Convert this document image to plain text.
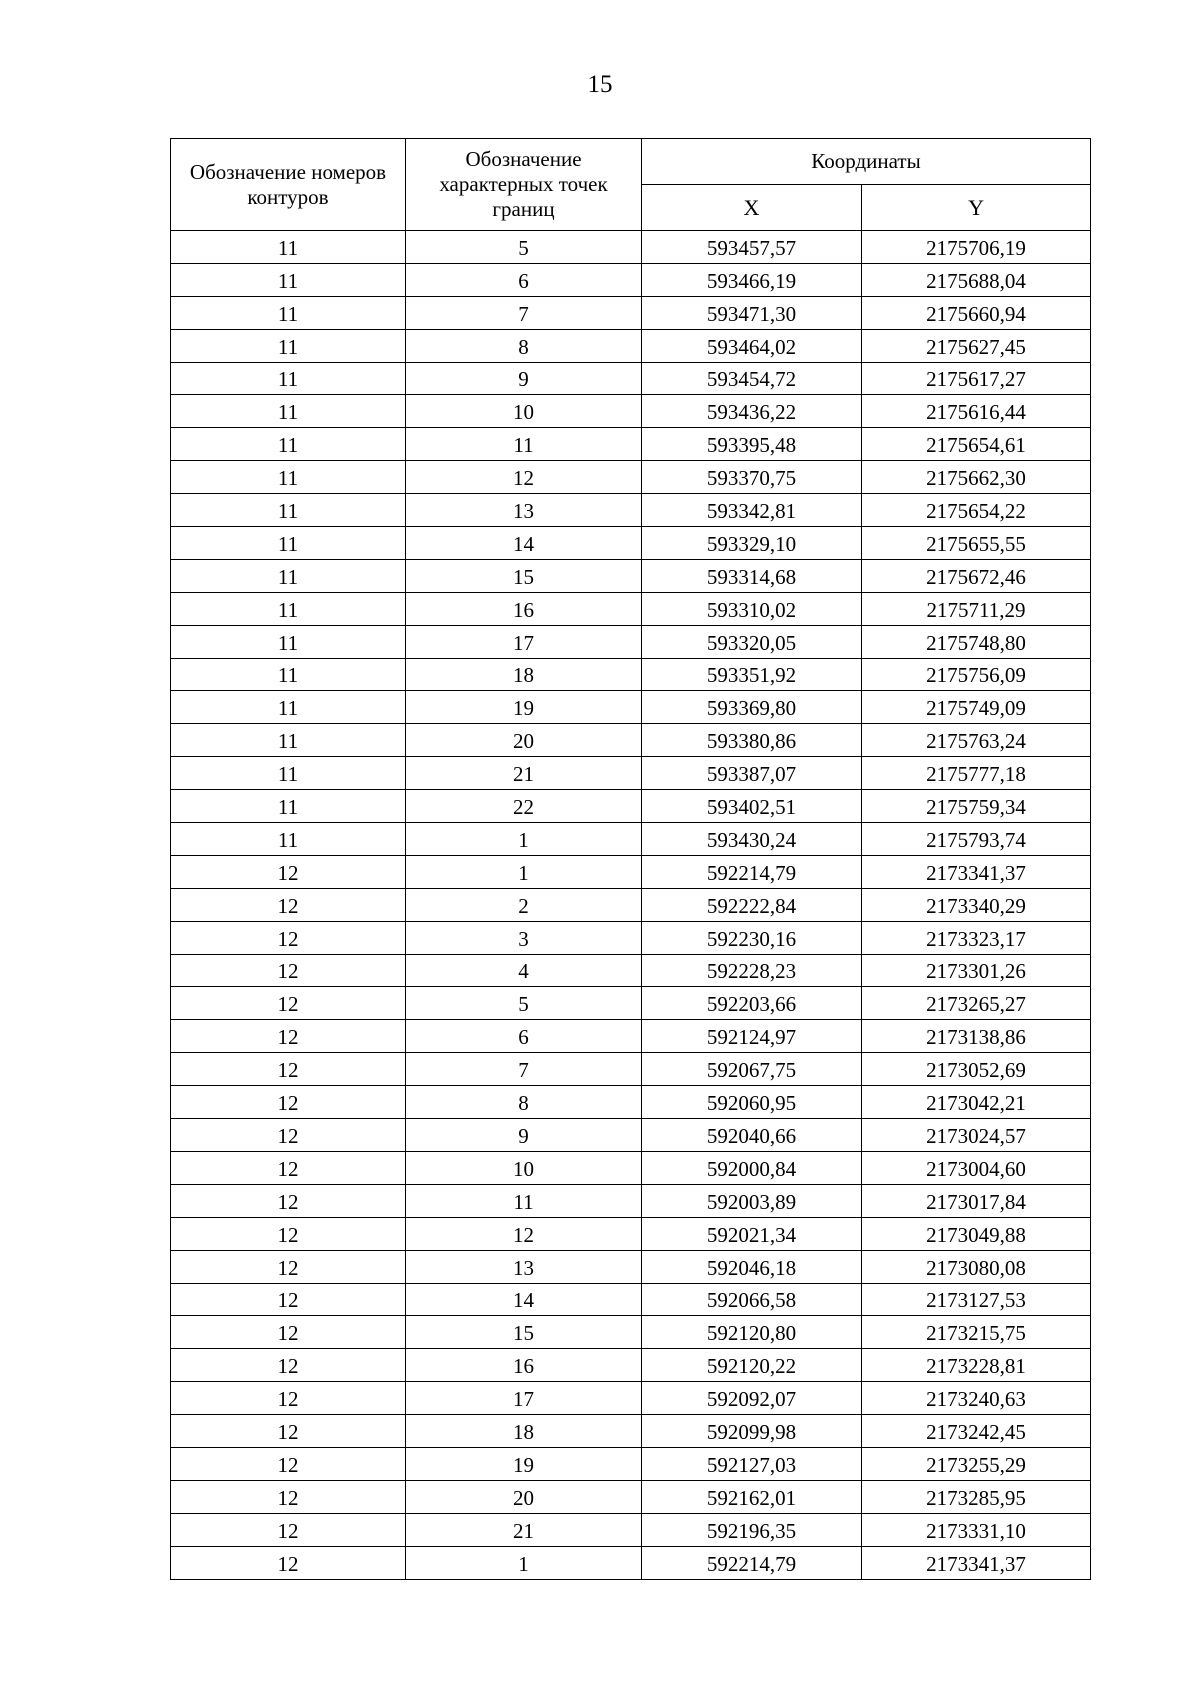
15
Обозначение номеров контуров	Обозначение характерных точек границ	Координаты	
		X	Y
11	5	593457,57	2175706,19
11	6	593466,19	2175688,04
11	7	593471,30	2175660,94
11	8	593464,02	2175627,45
11	9	593454,72	2175617,27
11	10	593436,22	2175616,44
11	11	593395,48	2175654,61
11	12	593370,75	2175662,30
11	13	593342,81	2175654,22
11	14	593329,10	2175655,55
11	15	593314,68	2175672,46
11	16	593310,02	2175711,29
11	17	593320,05	2175748,80
11	18	593351,92	2175756,09
11	19	593369,80	2175749,09
11	20	593380,86	2175763,24
11	21	593387,07	2175777,18
11	22	593402,51	2175759,34
11	1	593430,24	2175793,74
12	1	592214,79	2173341,37
12	2	592222,84	2173340,29
12	3	592230,16	2173323,17
12	4	592228,23	2173301,26
12	5	592203,66	2173265,27
12	6	592124,97	2173138,86
12	7	592067,75	2173052,69
12	8	592060,95	2173042,21
12	9	592040,66	2173024,57
12	10	592000,84	2173004,60
12	11	592003,89	2173017,84
12	12	592021,34	2173049,88
12	13	592046,18	2173080,08
12	14	592066,58	2173127,53
12	15	592120,80	2173215,75
12	16	592120,22	2173228,81
12	17	592092,07	2173240,63
12	18	592099,98	2173242,45
12	19	592127,03	2173255,29
12	20	592162,01	2173285,95
12	21	592196,35	2173331,10
12	1	592214,79	2173341,37
